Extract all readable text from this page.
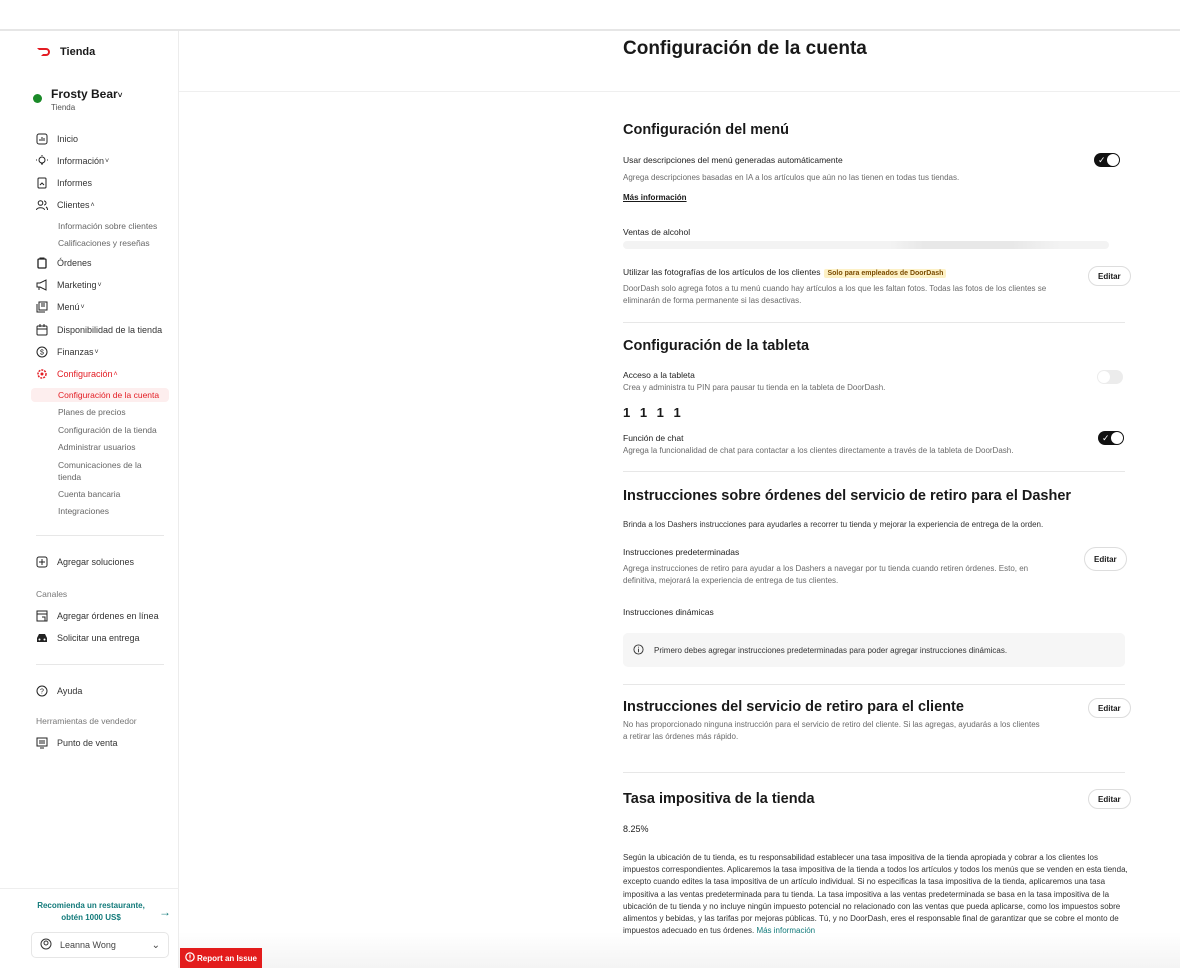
Tienda
Frosty Bear˅
Tienda
Inicio
Información ˅
Informes
Clientes ˄
Información sobre clientes
Calificaciones y reseñas
Órdenes
Marketing ˅
Menú ˅
Disponibilidad de la tienda
$ Finanzas ˅
Configuración ˄
Configuración de la cuenta
Planes de precios
Configuración de la tienda
Administrar usuarios
Comunicaciones de la tienda
Cuenta bancaria
Integraciones
Agregar soluciones
Canales
Agregar órdenes en línea
Solicitar una entrega
? Ayuda
Herramientas de vendedor
Punto de venta
Recomienda un restaurante, obtén 1000 US$	→
Leanna Wong	⌄
Configuración de la cuenta
Configuración del menú
Usar descripciones del menú generadas automáticamente	✓
Agrega descripciones basadas en IA a los artículos que aún no las tienen en todas tus tiendas.
Más información
Ventas de alcohol
Utilizar las fotografías de los artículos de los clientes Solo para empleados de DoorDash
DoorDash solo agrega fotos a tu menú cuando hay artículos a los que les faltan fotos. Todas las fotos de los clientes se eliminarán de forma permanente si las desactivas.
Editar
Configuración de la tableta
Acceso a la tableta
Crea y administra tu PIN para pausar tu tienda en la tableta de DoorDash.
1 1 1 1
Función de chat
Agrega la funcionalidad de chat para contactar a los clientes directamente a través de la tableta de DoorDash.
✓
Instrucciones sobre órdenes del servicio de retiro para el Dasher
Brinda a los Dashers instrucciones para ayudarles a recorrer tu tienda y mejorar la experiencia de entrega de la orden.
Instrucciones predeterminadas
Agrega instrucciones de retiro para ayudar a los Dashers a navegar por tu tienda cuando retiren órdenes. Esto, en definitiva, mejorará la experiencia de entrega de tus clientes.
Editar
Instrucciones dinámicas
Primero debes agregar instrucciones predeterminadas para poder agregar instrucciones dinámicas.
Instrucciones del servicio de retiro para el cliente
No has proporcionado ninguna instrucción para el servicio de retiro del cliente. Si las agregas, ayudarás a los clientes a retirar las órdenes más rápido.
Editar
Tasa impositiva de la tienda	Editar
8.25%
Según la ubicación de tu tienda, es tu responsabilidad establecer una tasa impositiva de la tienda apropiada y cobrar a los clientes los impuestos correspondientes. Aplicaremos la tasa impositiva de la tienda a todos los artículos y todos los menús que se venden en esta tienda, excepto cuando edites la tasa impositiva de un artículo individual. Si no especificas la tasa impositiva de la tienda, aplicaremos una tasa impositiva a las ventas predeterminada para tu tienda. La tasa impositiva a las ventas predeterminada se basa en la tasa impositiva de la ubicación de tu tienda y no incluye ningún impuesto potencial no relacionado con las ventas que pueda aplicarse, como los impuestos sobre alimentos y bebidas, y las tarifas por mejoras públicas. Tú, y no DoorDash, eres el responsable final de garantizar que se cobre el monto de impuestos adecuado en tus órdenes. Más información
Report an Issue
